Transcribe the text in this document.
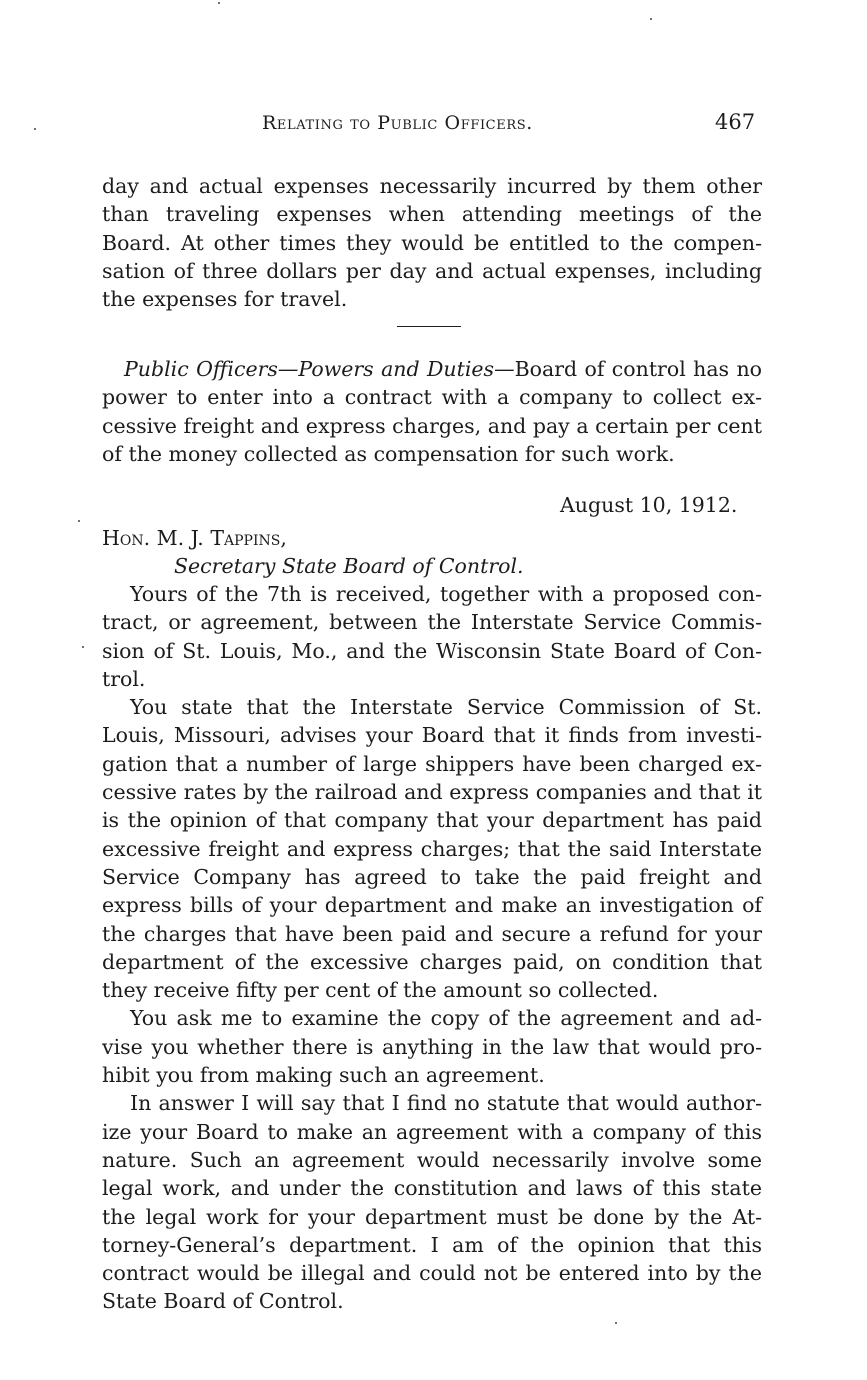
Relating to Public Officers.	467
day and actual expenses necessarily incurred by them other than traveling expenses when attending meetings of the Board. At other times they would be entitled to the compensation of three dollars per day and actual expenses, including the expenses for travel.
Public Officers—Powers and Duties—Board of control has no power to enter into a contract with a company to collect excessive freight and express charges, and pay a certain per cent of the money collected as compensation for such work.
August 10, 1912.
Hon. M. J. Tappins,
Secretary State Board of Control.

Yours of the 7th is received, together with a proposed contract, or agreement, between the Interstate Service Commission of St. Louis, Mo., and the Wisconsin State Board of Control.

You state that the Interstate Service Commission of St. Louis, Missouri, advises your Board that it finds from investigation that a number of large shippers have been charged excessive rates by the railroad and express companies and that it is the opinion of that company that your department has paid excessive freight and express charges; that the said Interstate Service Company has agreed to take the paid freight and express bills of your department and make an investigation of the charges that have been paid and secure a refund for your department of the excessive charges paid, on condition that they receive fifty per cent of the amount so collected.

You ask me to examine the copy of the agreement and advise you whether there is anything in the law that would prohibit you from making such an agreement.

In answer I will say that I find no statute that would authorize your Board to make an agreement with a company of this nature. Such an agreement would necessarily involve some legal work, and under the constitution and laws of this state the legal work for your department must be done by the Attorney-General’s department. I am of the opinion that this contract would be illegal and could not be entered into by the State Board of Control.
